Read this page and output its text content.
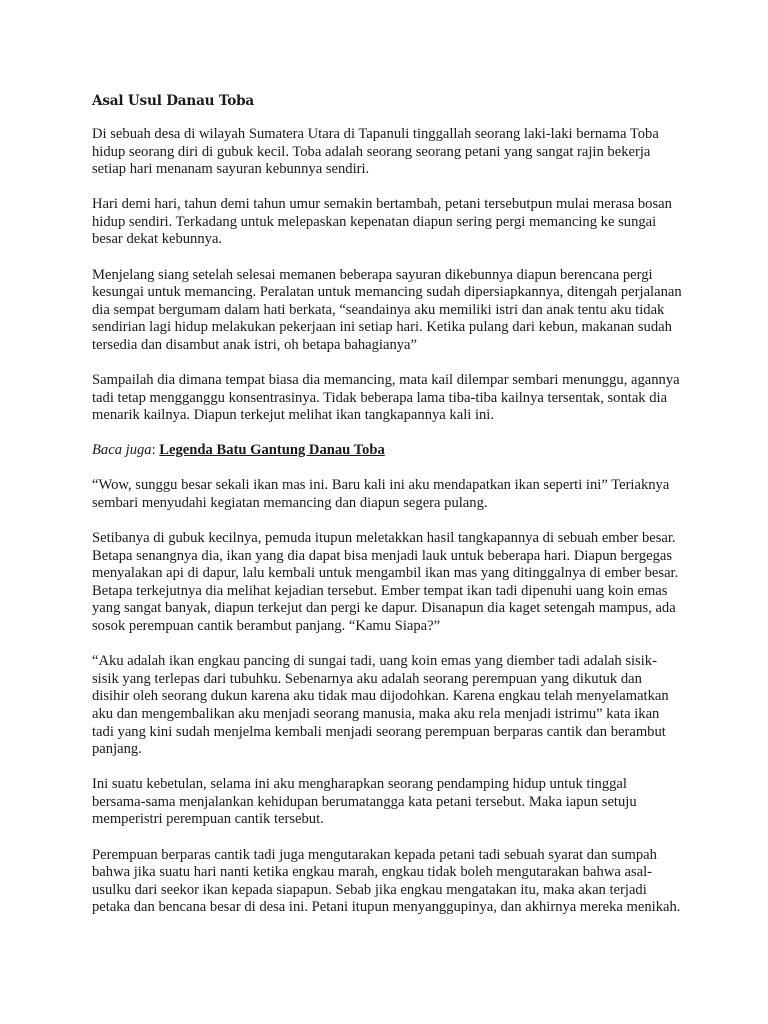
Asal Usul Danau Toba

Di sebuah desa di wilayah Sumatera Utara di Tapanuli tinggallah seorang laki-laki bernama Toba hidup seorang diri di gubuk kecil. Toba adalah seorang seorang petani yang sangat rajin bekerja setiap hari menanam sayuran kebunnya sendiri.

Hari demi hari, tahun demi tahun umur semakin bertambah, petani tersebutpun mulai merasa bosan hidup sendiri. Terkadang untuk melepaskan kepenatan diapun sering pergi memancing ke sungai besar dekat kebunnya.

Menjelang siang setelah selesai memanen beberapa sayuran dikebunnya diapun berencana pergi kesungai untuk memancing. Peralatan untuk memancing sudah dipersiapkannya, ditengah perjalanan dia sempat bergumam dalam hati berkata, “seandainya aku memiliki istri dan anak tentu aku tidak sendirian lagi hidup melakukan pekerjaan ini setiap hari. Ketika pulang dari kebun, makanan sudah tersedia dan disambut anak istri, oh betapa bahagianya”

Sampailah dia dimana tempat biasa dia memancing, mata kail dilempar sembari menunggu, agannya tadi tetap mengganggu konsentrasinya. Tidak beberapa lama tiba-tiba kailnya tersentak, sontak dia menarik kailnya. Diapun terkejut melihat ikan tangkapannya kali ini.

Baca juga: Legenda Batu Gantung Danau Toba

“Wow, sunggu besar sekali ikan mas ini. Baru kali ini aku mendapatkan ikan seperti ini” Teriaknya sembari menyudahi kegiatan memancing dan diapun segera pulang.

Setibanya di gubuk kecilnya, pemuda itupun meletakkan hasil tangkapannya di sebuah ember besar. Betapa senangnya dia, ikan yang dia dapat bisa menjadi lauk untuk beberapa hari. Diapun bergegas menyalakan api di dapur, lalu kembali untuk mengambil ikan mas yang ditinggalnya di ember besar. Betapa terkejutnya dia melihat kejadian tersebut. Ember tempat ikan tadi dipenuhi uang koin emas yang sangat banyak, diapun terkejut dan pergi ke dapur. Disanapun dia kaget setengah mampus, ada sosok perempuan cantik berambut panjang. “Kamu Siapa?”

“Aku adalah ikan engkau pancing di sungai tadi, uang koin emas yang diember tadi adalah sisik-sisik yang terlepas dari tubuhku. Sebenarnya aku adalah seorang perempuan yang dikutuk dan disihir oleh seorang dukun karena aku tidak mau dijodohkan. Karena engkau telah menyelamatkan aku dan mengembalikan aku menjadi seorang manusia, maka aku rela menjadi istrimu” kata ikan tadi yang kini sudah menjelma kembali menjadi seorang perempuan berparas cantik dan berambut panjang.

Ini suatu kebetulan, selama ini aku mengharapkan seorang pendamping hidup untuk tinggal bersama-sama menjalankan kehidupan berumatangga kata petani tersebut. Maka iapun setuju memperistri perempuan cantik tersebut.

Perempuan berparas cantik tadi juga mengutarakan kepada petani tadi sebuah syarat dan sumpah bahwa jika suatu hari nanti ketika engkau marah, engkau tidak boleh mengutarakan bahwa asal-usulku dari seekor ikan kepada siapapun. Sebab jika engkau mengatakan itu, maka akan terjadi petaka dan bencana besar di desa ini. Petani itupun menyanggupinya, dan akhirnya mereka menikah.
